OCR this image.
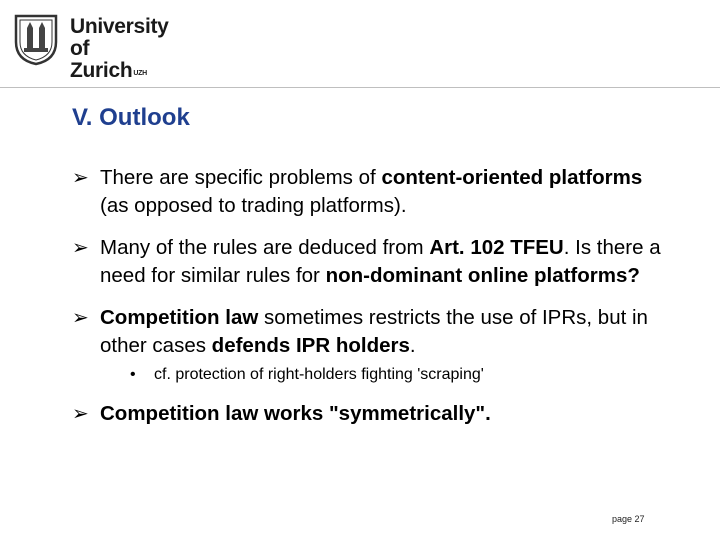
University of
Zurich$^{UZH}$
V. Outlook
➢ There are specific problems of content-oriented platforms (as opposed to trading platforms).
➢ Many of the rules are deduced from Art. 102 TFEU. Is there a need for similar rules for non-dominant online platforms?
➢ Competition law sometimes restricts the use of IPRs, but in other cases defends IPR holders.
• cf. protection of right-holders fighting 'scraping'
➢ Competition law works "symmetrically".
page 27
